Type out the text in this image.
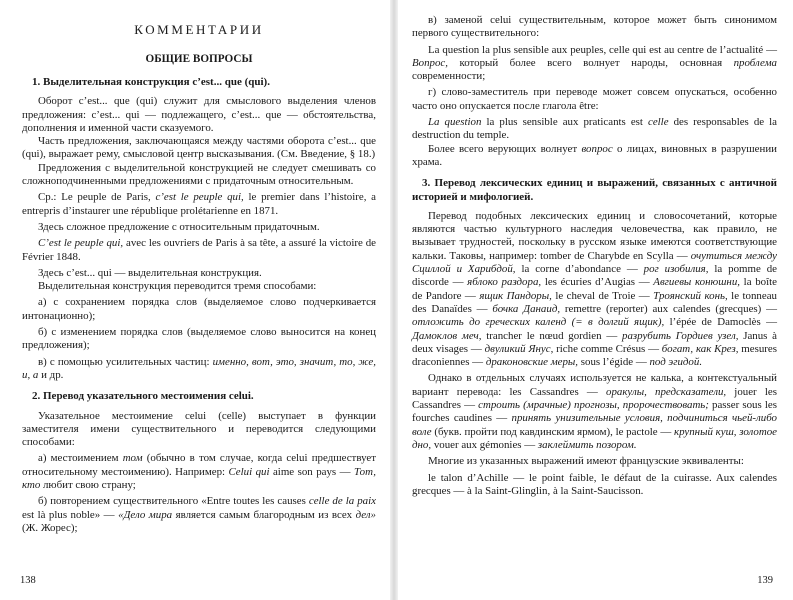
КОММЕНТАРИИ
ОБЩИЕ ВОПРОСЫ

1. Выделительная конструкция c’est... que (qui).

Оборот c’est... que (qui) служит для смыслового выделения членов предложения: c’est... qui — подлежащего, c’est... que — обстоятельства, дополнения и именной части сказуемого.

Часть предложения, заключающаяся между частями оборота c’est... que (qui), выражает рему, смысловой центр высказывания. (См. Введение, § 18.)

Предложения с выделительной конструкцией не следует смешивать со сложноподчиненными предложениями с придаточным относительным.

Ср.: Le peuple de Paris, c’est le peuple qui, le premier dans l’histoire, a entrepris d’instaurer une république prolétarienne en 1871.

Здесь сложное предложение с относительным придаточным.

C’est le peuple qui, avec les ouvriers de Paris à sa tête, a assuré la victoire de Février 1848.

Здесь c’est... qui — выделительная конструкция.

Выделительная конструкция переводится тремя способами:

а) с сохранением порядка слов (выделяемое слово подчеркивается интонационно);

б) с изменением порядка слов (выделяемое слово выносится на конец предложения);

в) с помощью усилительных частиц: именно, вот, это, значит, то, же, и, а и др.

2. Перевод указательного местоимения celui.

Указательное местоимение celui (celle) выступает в функции заместителя имени существительного и переводится следующими способами:

а) местоимением том (обычно в том случае, когда celui предшествует относительному местоимению). Например: Celui qui aime son pays — Тот, кто любит свою страну;

б) повторением существительного «Entre toutes les causes celle de la paix est là plus noble» — «Дело мира является самым благородным из всех дел» (Ж. Жорес);

138

в) заменой celui существительным, которое может быть синонимом первого существительного:

La question la plus sensible aux peuples, celle qui est au centre de l’actualité — Вопрос, который более всего волнует народы, основная проблема современности;

г) слово-заместитель при переводе может совсем опускаться, особенно часто оно опускается после глагола être:

La question la plus sensible aux praticants est celle des responsables de la destruction du temple.

Более всего верующих волнует вопрос о лицах, виновных в разрушении храма.

3. Перевод лексических единиц и выражений, связанных с античной историей и мифологией.

Перевод подобных лексических единиц и словосочетаний, которые являются частью культурного наследия человечества, как правило, не вызывает трудностей, поскольку в русском языке имеются соответствующие кальки. Таковы, например: tomber de Charybde en Scylla — очутиться между Сциллой и Харибдой, la corne d’abondance — рог изобилия, la pomme de discorde — яблоко раздора, les écuries d’Augias — Авгиевы конюшни, la boîte de Pandore — ящик Пандоры, le cheval de Troie — Троянский конь, le tonneau des Danaïdes — бочка Данаид, remettre (reporter) aux calendes (grecques) — отложить до греческих календ (= в долгий ящик), l’épée de Damoclès — Дамоклов меч, trancher le nœud gordien — разрубить Гордиев узел, Janus à deux visages — двуликий Янус, riche comme Crésus — богат, как Крез, mesures draconiennes — драконовские меры, sous l’égide — под эгидой.

Однако в отдельных случаях используется не калька, а контекстуальный вариант перевода: les Cassandres — оракулы, предсказатели, jouer les Cassandres — строить (мрачные) прогнозы, пророчествовать; passer sous les fourches caudines — принять унизительные условия, подчиниться чьей-либо воле (букв. пройти под кавдинским ярмом), le pactole — крупный куш, золотое дно, vouer aux gémonies — заклеймить позором.

Многие из указанных выражений имеют французские эквиваленты:

le talon d’Achille — le point faible, le défaut de la cuirasse. Aux calendes grecques — à la Saint-Glinglin, à la Saint-Saucisson.

139
